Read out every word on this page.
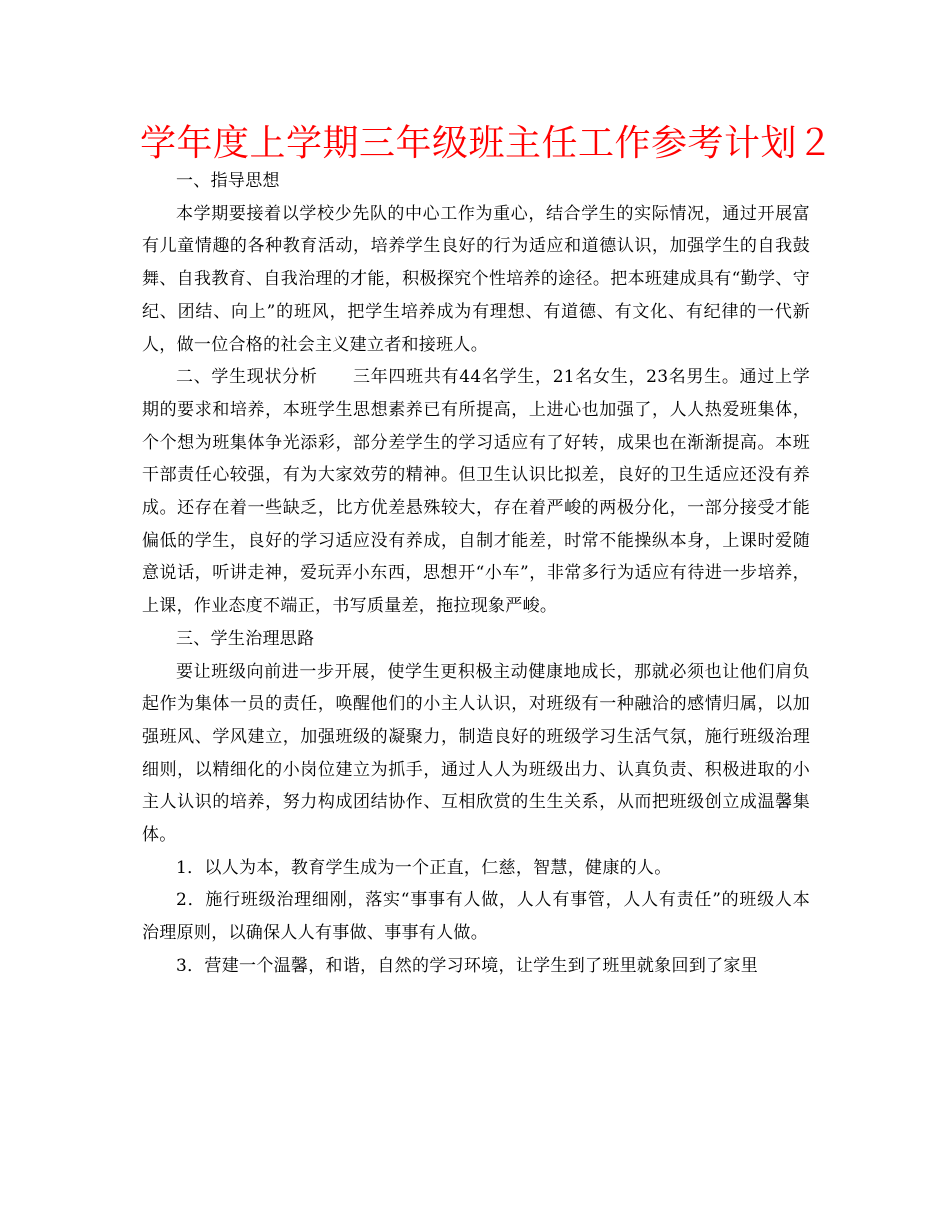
学年度上学期三年级班主任工作参考计划２

一、指导思想

本学期要接着以学校少先队的中心工作为重心，结合学生的实际情况，通过开展富有儿童情趣的各种教育活动，培养学生良好的行为适应和道德认识，加强学生的自我鼓舞、自我教育、自我治理的才能，积极探究个性培养的途径。把本班建成具有“勤学、守纪、团结、向上”的班风，把学生培养成为有理想、有道德、有文化、有纪律的一代新人，做一位合格的社会主义建立者和接班人。

二、学生现状分析　　三年四班共有44名学生，21名女生，23名男生。通过上学期的要求和培养，本班学生思想素养已有所提高，上进心也加强了，人人热爱班集体，个个想为班集体争光添彩，部分差学生的学习适应有了好转，成果也在渐渐提高。本班干部责任心较强，有为大家效劳的精神。但卫生认识比拟差，良好的卫生适应还没有养成。还存在着一些缺乏，比方优差悬殊较大，存在着严峻的两极分化，一部分接受才能偏低的学生，良好的学习适应没有养成，自制才能差，时常不能操纵本身，上课时爱随意说话，听讲走神，爱玩弄小东西，思想开“小车”，非常多行为适应有待进一步培养，上课，作业态度不端正，书写质量差，拖拉现象严峻。

三、学生治理思路

要让班级向前进一步开展，使学生更积极主动健康地成长，那就必须也让他们肩负起作为集体一员的责任，唤醒他们的小主人认识，对班级有一种融洽的感情归属，以加强班风、学风建立，加强班级的凝聚力，制造良好的班级学习生活气氛，施行班级治理细则，以精细化的小岗位建立为抓手，通过人人为班级出力、认真负责、积极进取的小主人认识的培养，努力构成团结协作、互相欣赏的生生关系，从而把班级创立成温馨集体。

1．以人为本，教育学生成为一个正直，仁慈，智慧，健康的人。

2．施行班级治理细刚，落实“事事有人做，人人有事管，人人有责任”的班级人本治理原则，以确保人人有事做、事事有人做。

3．营建一个温馨，和谐，自然的学习环境，让学生到了班里就象回到了家里
